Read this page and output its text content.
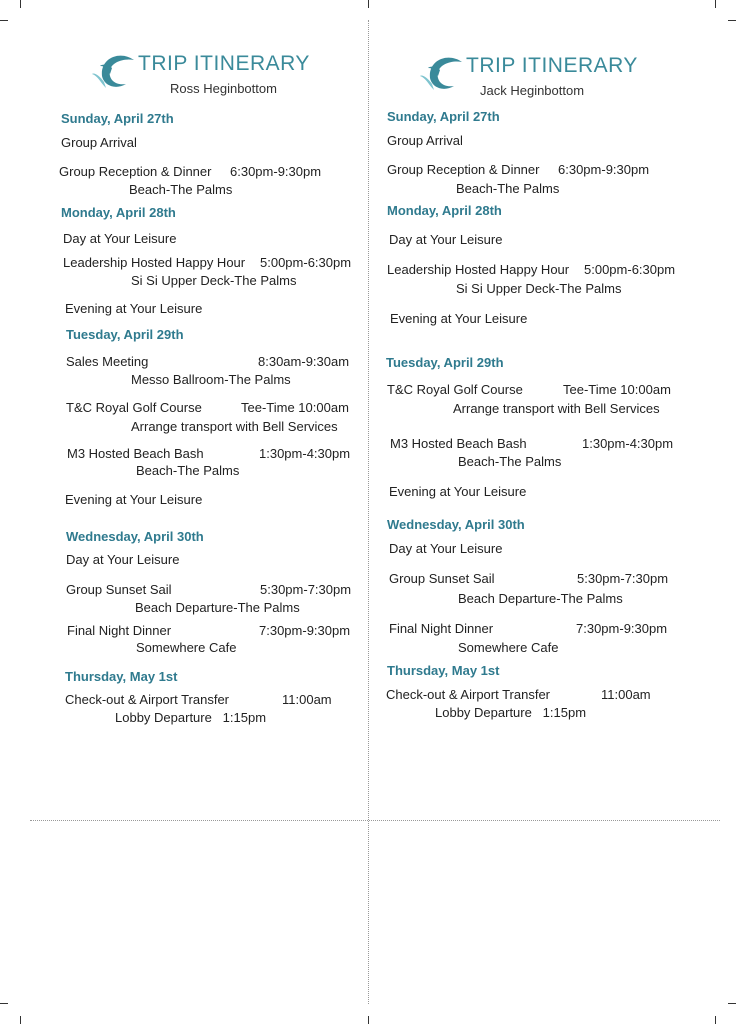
TRIP ITINERARY
Ross Heginbottom
Sunday, April 27th
Group Arrival
Group Reception & Dinner 6:30pm-9:30pm
Beach-The Palms
Monday, April 28th
Day at Your Leisure
Leadership Hosted Happy Hour 5:00pm-6:30pm
Si Si Upper Deck-The Palms
Evening at Your Leisure
Tuesday, April 29th
Sales Meeting	8:30am-9:30am
Messo Ballroom-The Palms
T&C Royal Golf Course	Tee-Time 10:00am
Arrange transport with Bell Services
M3 Hosted Beach Bash	1:30pm-4:30pm
Beach-The Palms
Evening at Your Leisure
Wednesday, April 30th
Day at Your Leisure
Group Sunset Sail	5:30pm-7:30pm
Beach Departure-The Palms
Final Night Dinner	7:30pm-9:30pm
Somewhere Cafe
Thursday, May 1st
Check-out & Airport Transfer	11:00am
Lobby Departure   1:15pm
TRIP ITINERARY
Jack Heginbottom
Sunday, April 27th
Group Arrival
Group Reception & Dinner 6:30pm-9:30pm
Beach-The Palms
Monday, April 28th
Day at Your Leisure
Leadership Hosted Happy Hour 5:00pm-6:30pm
Si Si Upper Deck-The Palms
Evening at Your Leisure
Tuesday, April 29th
T&C Royal Golf Course	Tee-Time 10:00am
Arrange transport with Bell Services
M3 Hosted Beach Bash	1:30pm-4:30pm
Beach-The Palms
Evening at Your Leisure
Wednesday, April 30th
Day at Your Leisure
Group Sunset Sail	5:30pm-7:30pm
Beach Departure-The Palms
Final Night Dinner	7:30pm-9:30pm
Somewhere Cafe
Thursday, May 1st
Check-out & Airport Transfer	11:00am
Lobby Departure   1:15pm
